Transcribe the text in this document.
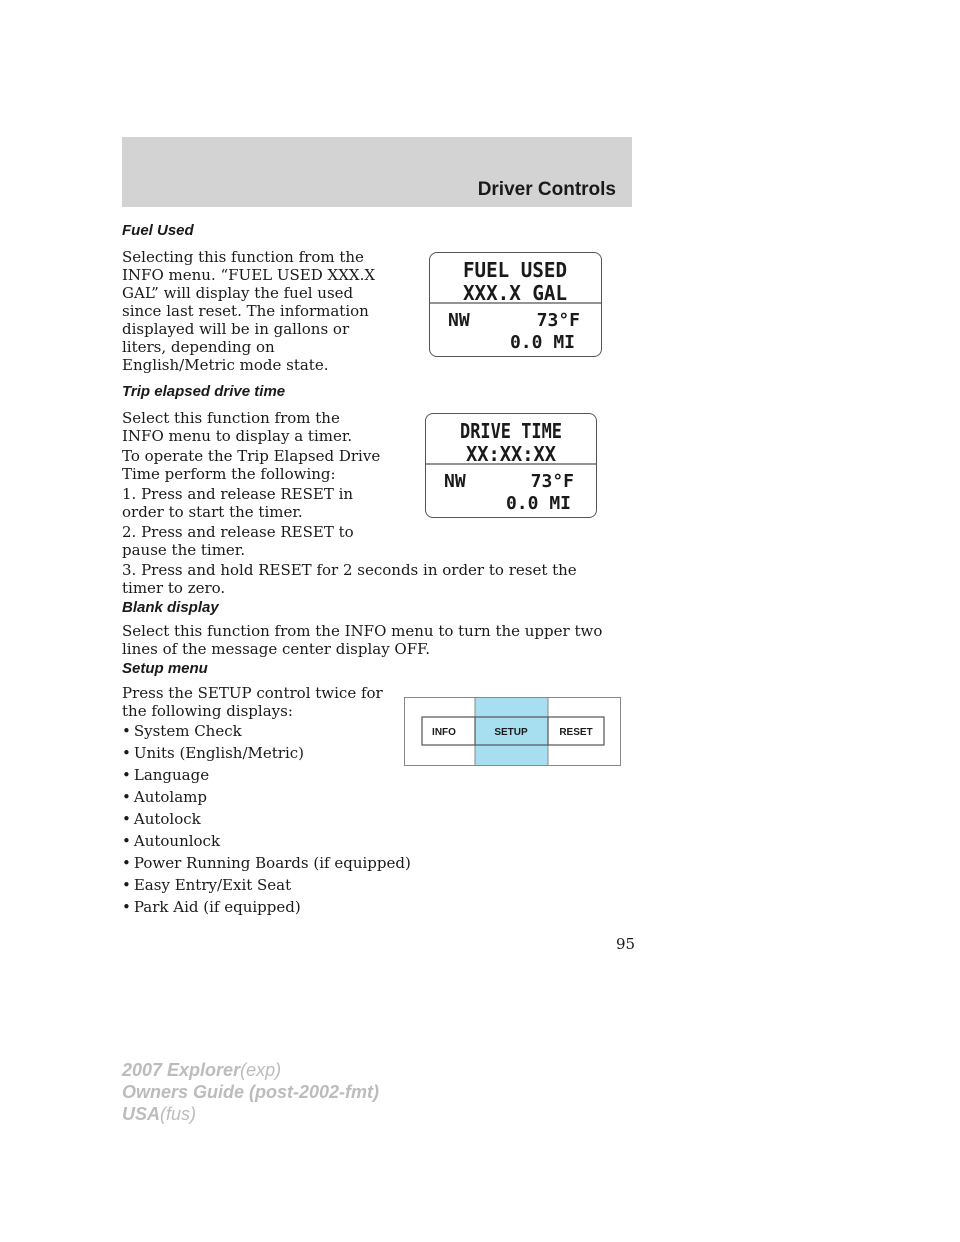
Driver Controls
Fuel Used

Selecting this function from the INFO menu. “FUEL USED XXX.X GAL” will display the fuel used since last reset. The information displayed will be in gallons or liters, depending on English/Metric mode state.

FUEL USED
XXX.X GAL
NW	73°F
0.0 MI
Trip elapsed drive time

Select this function from the INFO menu to display a timer.

To operate the Trip Elapsed Drive Time perform the following:

1. Press and release RESET in order to start the timer.

2. Press and release RESET to pause the timer.

3. Press and hold RESET for 2 seconds in order to reset the timer to zero.

DRIVE TIME
XX:XX:XX
NW	73°F
0.0 MI
Blank display

Select this function from the INFO menu to turn the upper two lines of the message center display OFF.

Setup menu

Press the SETUP control twice for the following displays:

• System Check
• Units (English/Metric)
• Language
• Autolamp
• Autolock
• Autounlock
• Power Running Boards (if equipped)
• Easy Entry/Exit Seat
• Park Aid (if equipped)
INFO	SETUP	RESET
95
2007 Explorer(exp)
Owners Guide (post-2002-fmt)
USA(fus)
